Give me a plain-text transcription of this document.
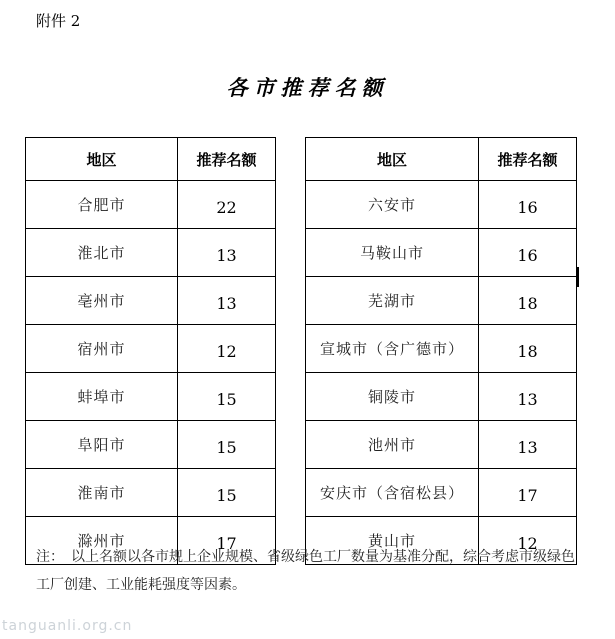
附件 2
各市推荐名额
地区	推荐名额
合肥市	22
淮北市	13
亳州市	13
宿州市	12
蚌埠市	15
阜阳市	15
淮南市	15
滁州市	17
地区	推荐名额
六安市	16
马鞍山市	16
芜湖市	18
宣城市（含广德市）	18
铜陵市	13
池州市	13
安庆市（含宿松县）	17
黄山市	12
注：　以上名额以各市规上企业规模、省级绿色工厂数量为基准分配，综合考虑市级绿色工厂创建、工业能耗强度等因素。
tanguanli.org.cn
